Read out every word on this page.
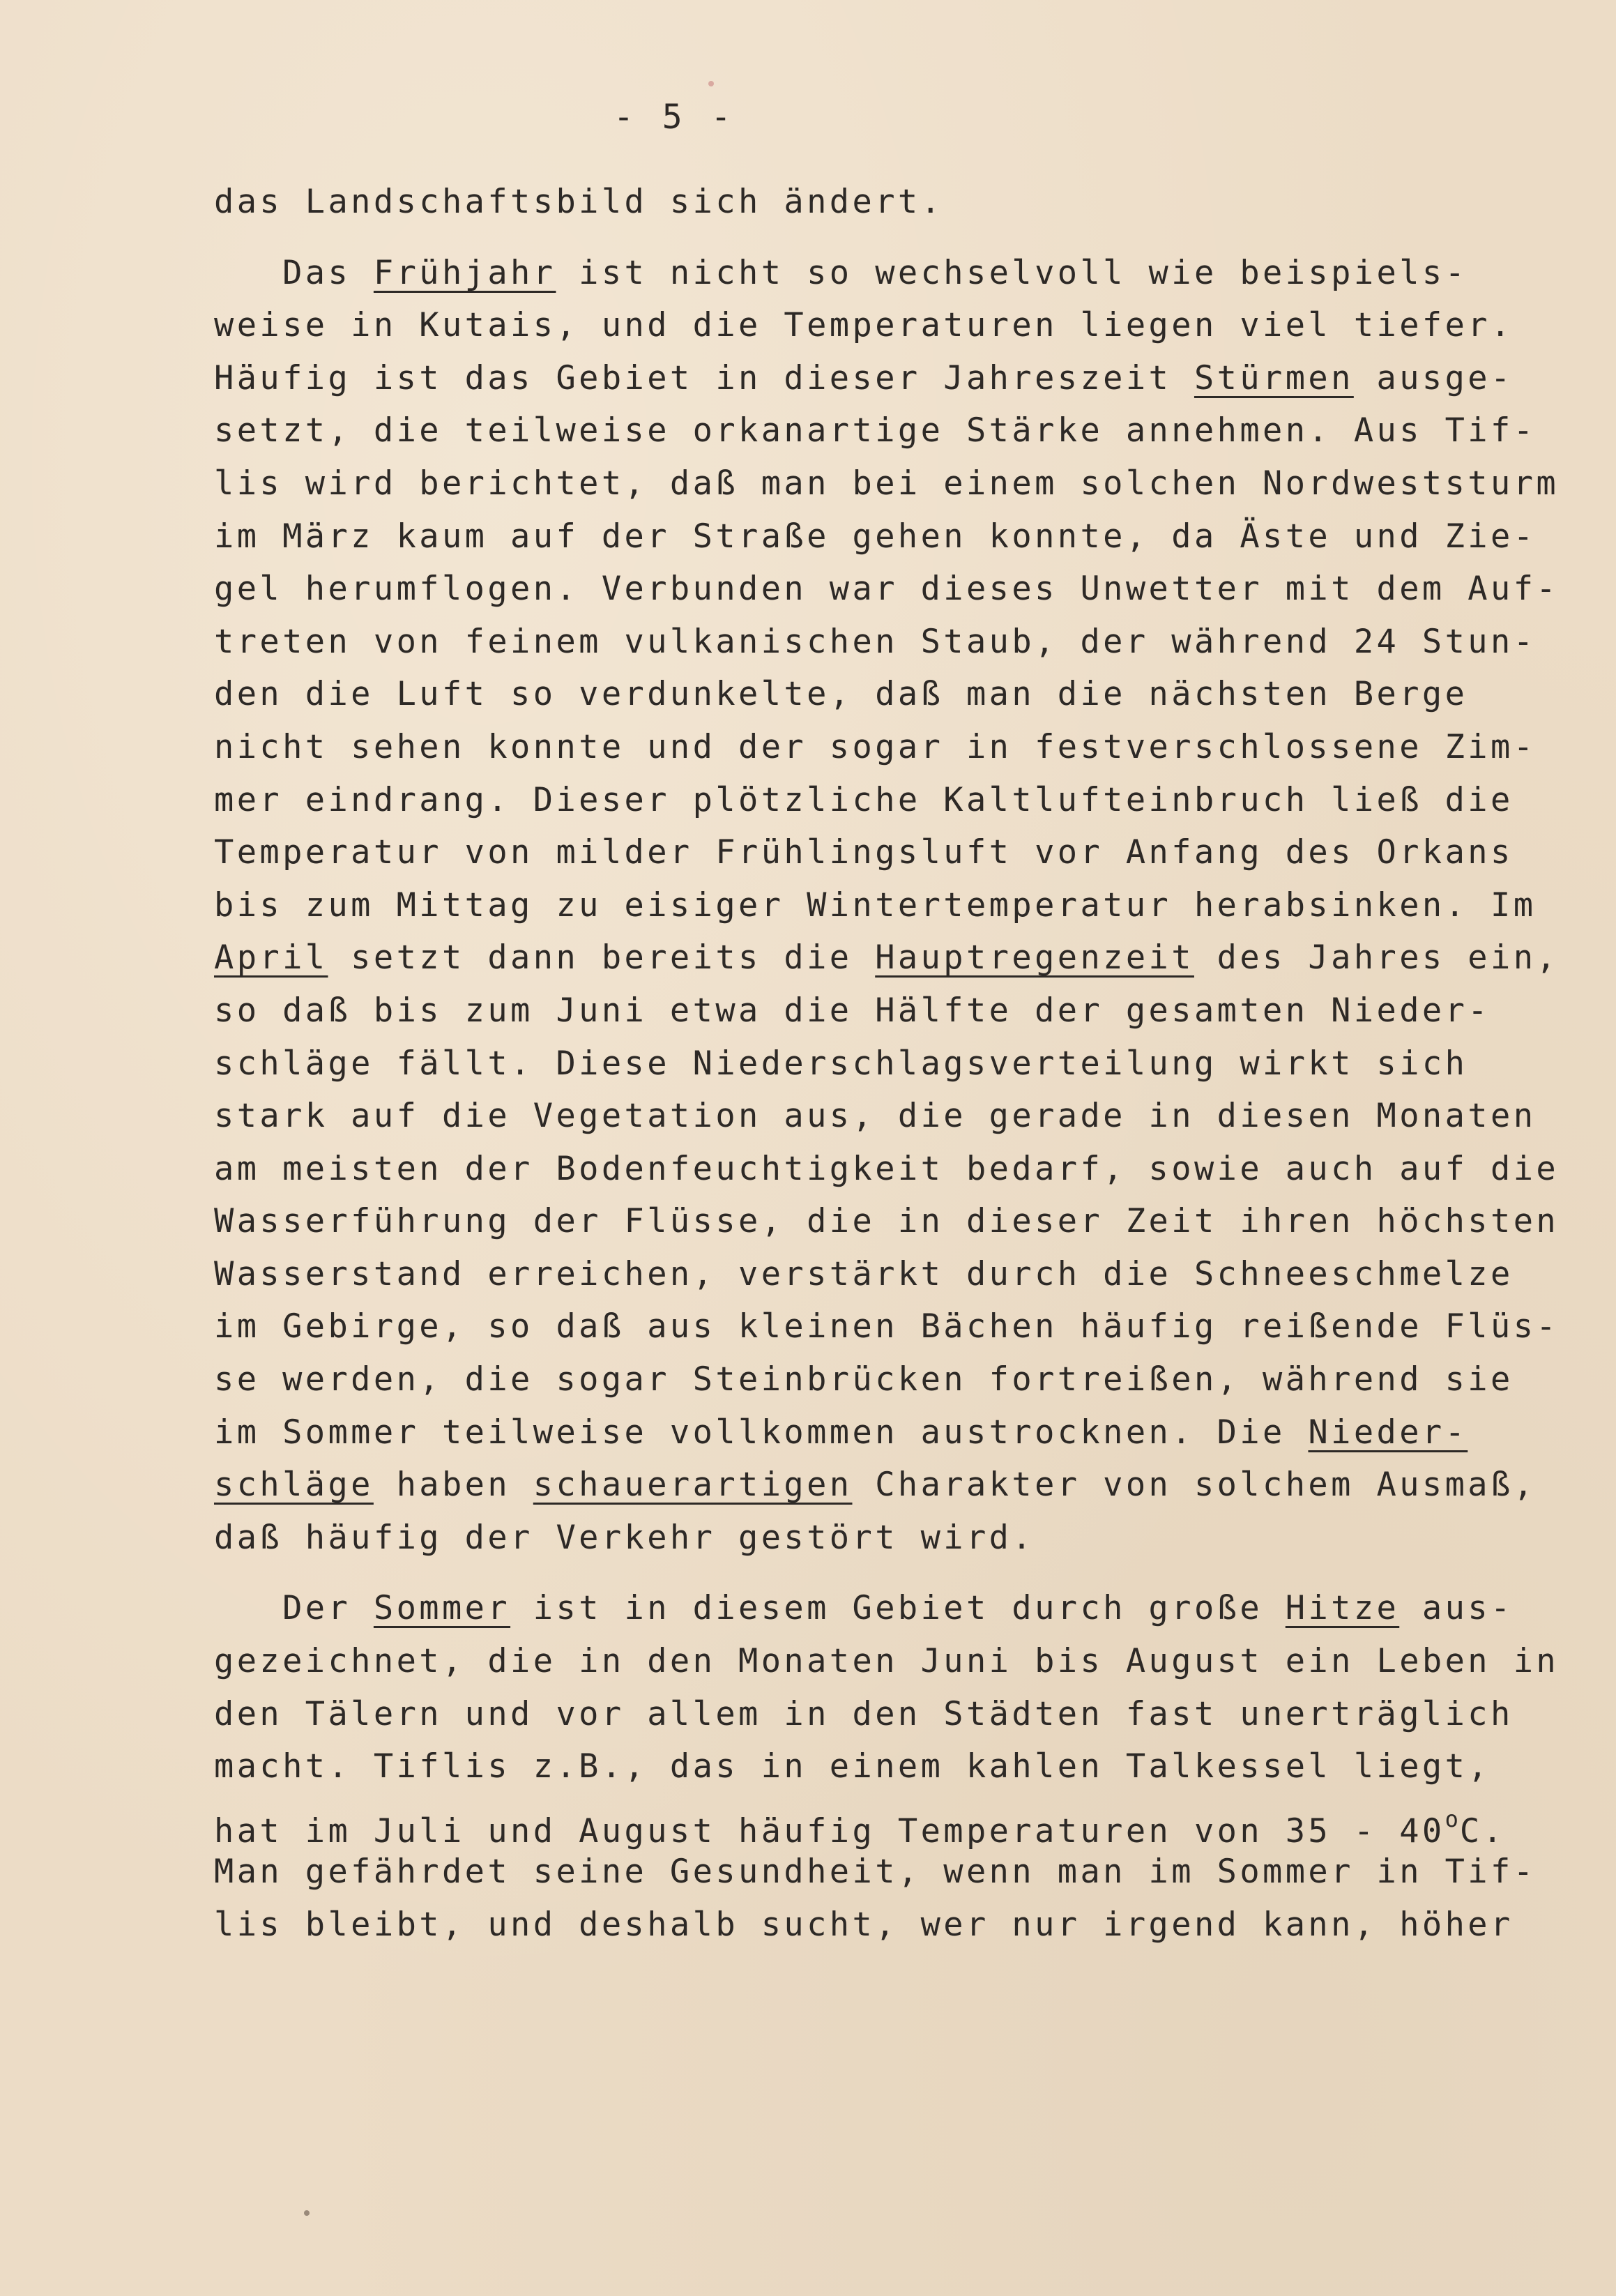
- 5 -
das Landschaftsbild sich ändert.
Das Frühjahr ist nicht so wechselvoll wie beispiels-
weise in Kutais, und die Temperaturen liegen viel tiefer.
Häufig ist das Gebiet in dieser Jahreszeit Stürmen ausge-
setzt, die teilweise orkanartige Stärke annehmen. Aus Tif-
lis wird berichtet, daß man bei einem solchen Nordweststurm
im März kaum auf der Straße gehen konnte, da Äste und Zie-
gel herumflogen. Verbunden war dieses Unwetter mit dem Auf-
treten von feinem vulkanischen Staub, der während 24 Stun-
den die Luft so verdunkelte, daß man die nächsten Berge
nicht sehen konnte und der sogar in festverschlossene Zim-
mer eindrang. Dieser plötzliche Kaltlufteinbruch ließ die
Temperatur von milder Frühlingsluft vor Anfang des Orkans
bis zum Mittag zu eisiger Wintertemperatur herabsinken. Im
April setzt dann bereits die Hauptregenzeit des Jahres ein,
so daß bis zum Juni etwa die Hälfte der gesamten Nieder-
schläge fällt. Diese Niederschlagsverteilung wirkt sich
stark auf die Vegetation aus, die gerade in diesen Monaten
am meisten der Bodenfeuchtigkeit bedarf, sowie auch auf die
Wasserführung der Flüsse, die in dieser Zeit ihren höchsten
Wasserstand erreichen, verstärkt durch die Schneeschmelze
im Gebirge, so daß aus kleinen Bächen häufig reißende Flüs-
se werden, die sogar Steinbrücken fortreißen, während sie
im Sommer teilweise vollkommen austrocknen. Die Nieder-
schläge haben schauerartigen Charakter von solchem Ausmaß,
daß häufig der Verkehr gestört wird.
Der Sommer ist in diesem Gebiet durch große Hitze aus-
gezeichnet, die in den Monaten Juni bis August ein Leben in
den Tälern und vor allem in den Städten fast unerträglich
macht. Tiflis z.B., das in einem kahlen Talkessel liegt,
hat im Juli und August häufig Temperaturen von 35 - 40$^o$C.
Man gefährdet seine Gesundheit, wenn man im Sommer in Tif-
lis bleibt, und deshalb sucht, wer nur irgend kann, höher
